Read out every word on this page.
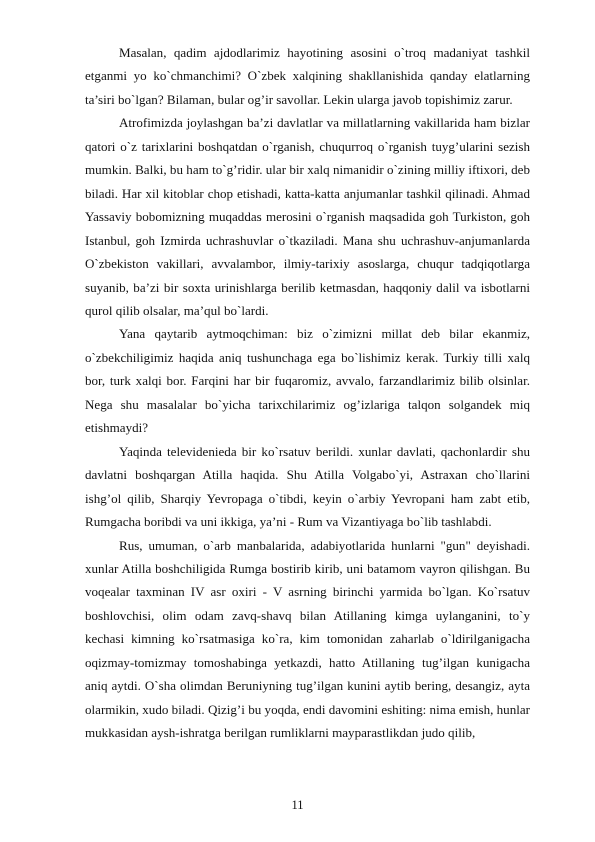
Masalan, qadim ajdodlarimiz hayotining asosini o`troq madaniyat tashkil etganmi yo ko`chmanchimi? O`zbek xalqining shakllanishida qanday elatlarning ta’siri bo`lgan? Bilaman, bular og’ir savollar. Lekin ularga javob topishimiz zarur.

Atrofimizda joylashgan ba’zi davlatlar va millatlarning vakillarida ham bizlar qatori o`z tarixlarini boshqatdan o`rganish, chuqurroq o`rganish tuyg’ularini sezish mumkin. Balki, bu ham to`g’ridir. ular bir xalq nimanidir o`zining milliy iftixori, deb biladi. Har xil kitoblar chop etishadi, katta-katta anjumanlar tashkil qilinadi. Ahmad Yassaviy bobomizning muqaddas merosini o`rganish maqsadida goh Turkiston, goh Istanbul, goh Izmirda uchrashuvlar o`tkaziladi. Mana shu uchrashuv-anjumanlarda O`zbekiston vakillari, avvalambor, ilmiy-tarixiy asoslarga, chuqur tadqiqotlarga suyanib, ba’zi bir soxta urinishlarga berilib ketmasdan, haqqoniy dalil va isbotlarni qurol qilib olsalar, ma’qul bo`lardi.

Yana qaytarib aytmoqchiman: biz o`zimizni millat deb bilar ekanmiz, o`zbekchiligimiz haqida aniq tushunchaga ega bo`lishimiz kerak. Turkiy tilli xalq bor, turk xalqi bor. Farqini har bir fuqaromiz, avvalo, farzandlarimiz bilib olsinlar. Nega shu masalalar bo`yicha tarixchilarimiz og’izlariga talqon solgandek miq etishmaydi?

Yaqinda televidenieda bir ko`rsatuv berildi. xunlar davlati, qachonlardir shu davlatni boshqargan Atilla haqida. Shu Atilla Volgabo`yi, Astraxan cho`llarini ishg’ol qilib, Sharqiy Yevropaga o`tibdi, keyin o`arbiy Yevropani ham zabt etib, Rumgacha boribdi va uni ikkiga, ya’ni - Rum va Vizantiyaga bo`lib tashlabdi.

Rus, umuman, o`arb manbalarida, adabiyotlarida hunlarni "gun" deyishadi. xunlar Atilla boshchiligida Rumga bostirib kirib, uni batamom vayron qilishgan. Bu voqealar taxminan IV asr oxiri - V asrning birinchi yarmida bo`lgan. Ko`rsatuv boshlovchisi, olim odam zavq-shavq bilan Atillaning kimga uylanganini, to`y kechasi kimning ko`rsatmasiga ko`ra, kim tomonidan zaharlab o`ldirilganigacha oqizmay-tomizmay tomoshabinga yetkazdi, hatto Atillaning tug’ilgan kunigacha aniq aytdi. O`sha olimdan Beruniyning tug’ilgan kunini aytib bering, desangiz, ayta olarmikin, xudo biladi. Qizig’i bu yoqda, endi davomini eshiting: nima emish, hunlar mukkasidan aysh-ishratga berilgan rumliklarni mayparastlikdan judo qilib,

11
